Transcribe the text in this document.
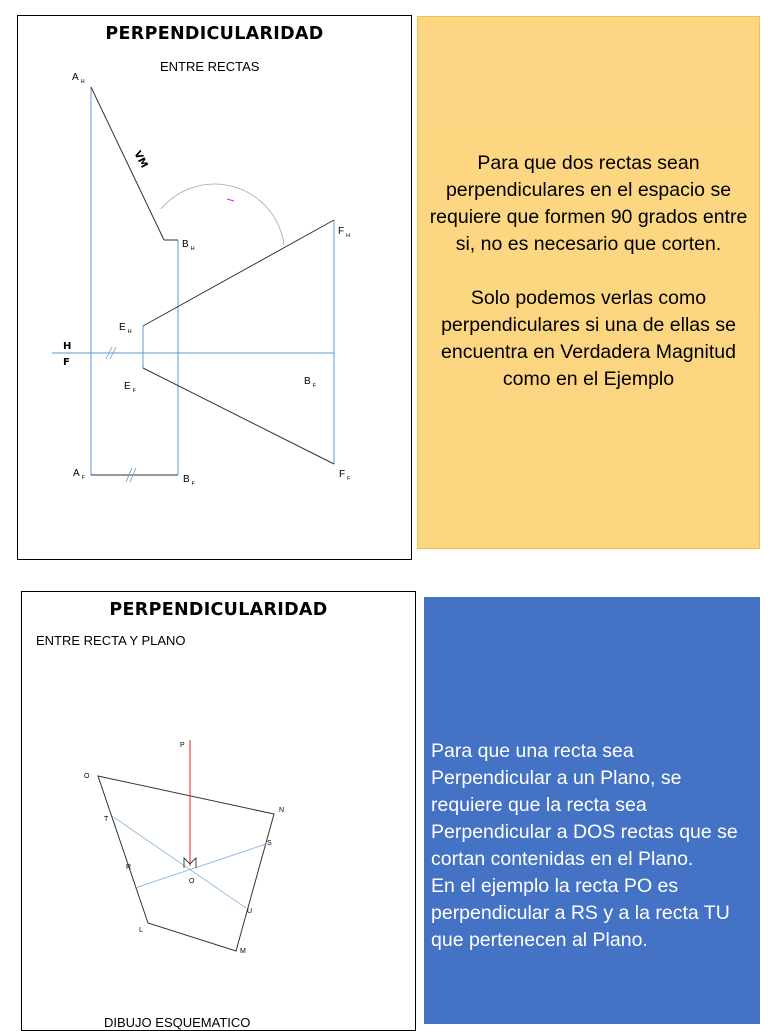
PERPENDICULARIDAD
ENTRE RECTAS
A $_H$
B $_H$
E $_H$
F $_H$
E $_F$
B $_F$
A $_F$	B $_F$
F $_F$
VM
H
F

Para que dos rectas sean perpendiculares en el espacio se requiere que formen 90 grados entre si, no es necesario que corten.

Solo podemos verlas como perpendiculares si una de ellas se encuentra en Verdadera Magnitud como en el Ejemplo

PERPENDICULARIDAD
ENTRE RECTA Y PLANO
DIBUJO ESQUEMATICO
P
O
N
T
S
O
R
U
L
M

Para que una recta sea Perpendicular a un Plano, se requiere que la recta sea Perpendicular a DOS rectas que se cortan contenidas en el Plano.

En el ejemplo la recta PO es perpendicular a RS y a la recta TU que pertenecen al Plano.
